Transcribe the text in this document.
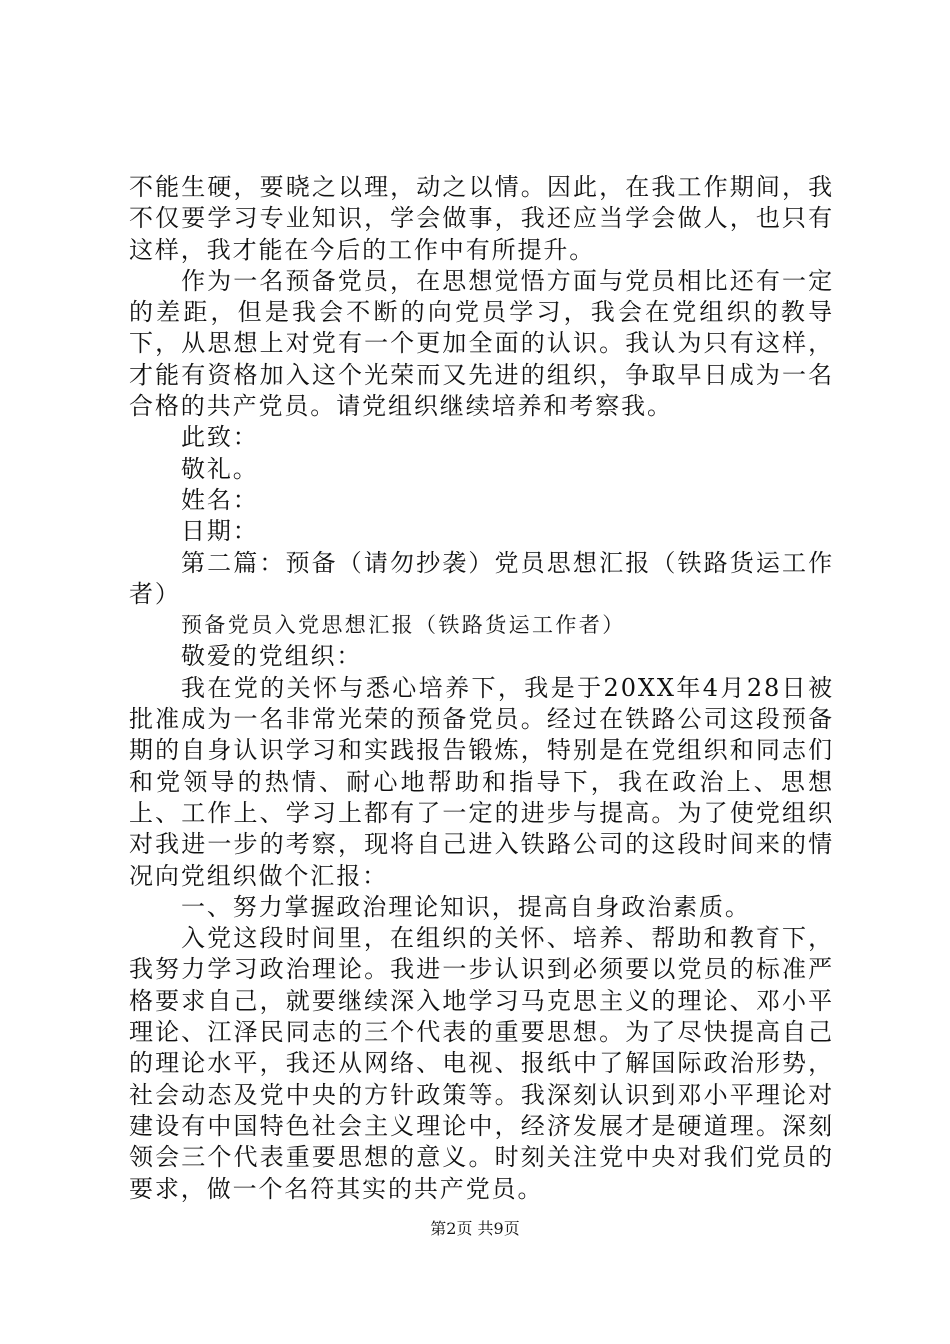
不能生硬，要晓之以理，动之以情。因此，在我工作期间，我不仅要学习专业知识，学会做事，我还应当学会做人，也只有这样，我才能在今后的工作中有所提升。

作为一名预备党员，在思想觉悟方面与党员相比还有一定的差距，但是我会不断的向党员学习，我会在党组织的教导下，从思想上对党有一个更加全面的认识。我认为只有这样，才能有资格加入这个光荣而又先进的组织，争取早日成为一名合格的共产党员。请党组织继续培养和考察我。

此致：

敬礼。

姓名：

日期：

第二篇：预备（请勿抄袭）党员思想汇报（铁路货运工作者）

预备党员入党思想汇报（铁路货运工作者）

敬爱的党组织：

我在党的关怀与悉心培养下，我是于20XX年4月28日被批准成为一名非常光荣的预备党员。经过在铁路公司这段预备期的自身认识学习和实践报告锻炼，特别是在党组织和同志们和党领导的热情、耐心地帮助和指导下，我在政治上、思想上、工作上、学习上都有了一定的进步与提高。为了使党组织对我进一步的考察，现将自己进入铁路公司的这段时间来的情况向党组织做个汇报：

一、努力掌握政治理论知识，提高自身政治素质。

入党这段时间里，在组织的关怀、培养、帮助和教育下，我努力学习政治理论。我进一步认识到必须要以党员的标准严格要求自己，就要继续深入地学习马克思主义的理论、邓小平理论、江泽民同志的三个代表的重要思想。为了尽快提高自己的理论水平，我还从网络、电视、报纸中了解国际政治形势，社会动态及党中央的方针政策等。我深刻认识到邓小平理论对建设有中国特色社会主义理论中，经济发展才是硬道理。深刻领会三个代表重要思想的意义。时刻关注党中央对我们党员的要求，做一个名符其实的共产党员。

第2页 共9页
